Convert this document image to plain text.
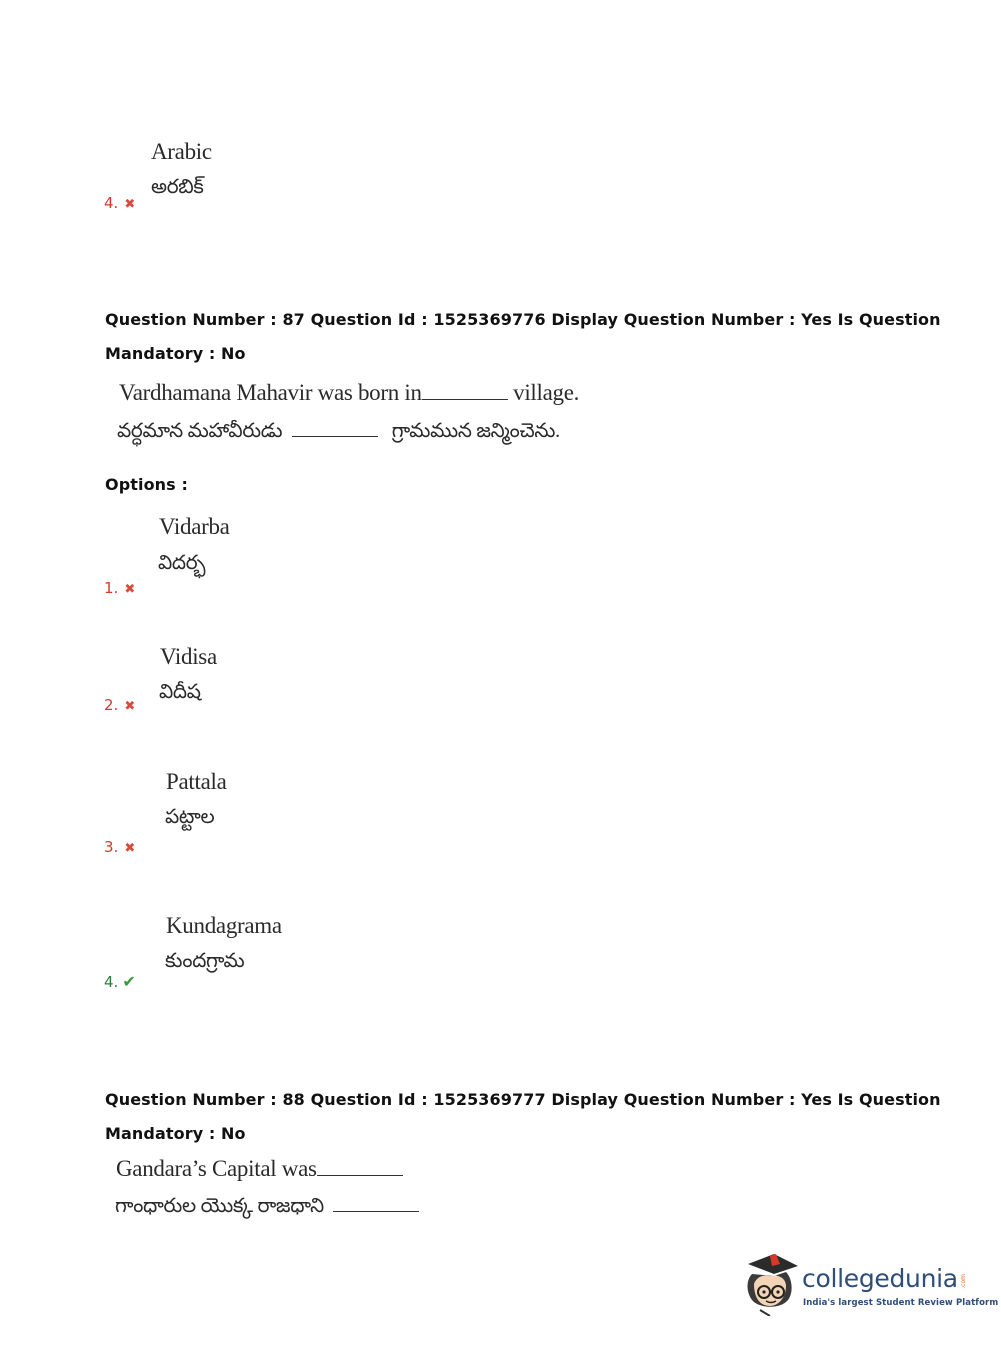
Arabic
అరబిక్
4. ✖
Question Number : 87 Question Id : 1525369776 Display Question Number : Yes Is Question
Mandatory : No
Vardhamana Mahavir was born in	village.
వర్ధమాన మహావీరుడు	గ్రామమున జన్మించెను.
Options :
Vidarba
విదర్భ
1. ✖
Vidisa
విదీష
2. ✖
Pattala
పట్టాల
3. ✖
Kundagrama
కుందగ్రామ
4. ✔
Question Number : 88 Question Id : 1525369777 Display Question Number : Yes Is Question
Mandatory : No
Gandara’s Capital was
గాంధారుల యొక్క రాజధాని
collegedunia .com
India's largest Student Review Platform
